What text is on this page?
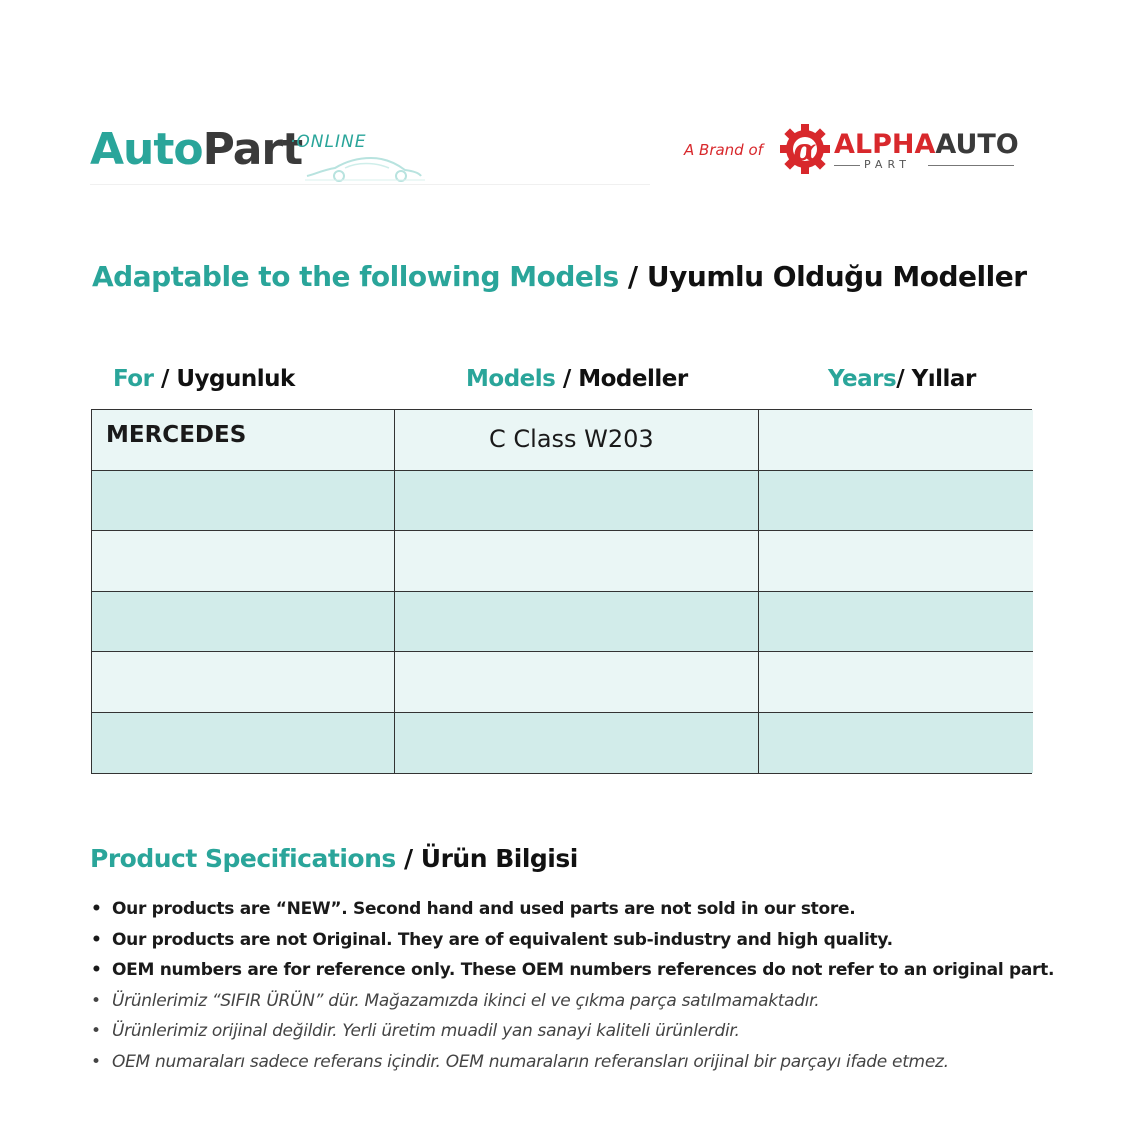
AutoPart
·ONLINE	A Brand of α ALPHAAUTO
PART
Adaptable to the following Models / Uyumlu Olduğu Modeller
For / Uygunluk	Models / Modeller	Years/ Yıllar
MERCEDES	C Class W203
Product Specifications / Ürün Bilgisi
• Our products are “NEW”. Second hand and used parts are not sold in our store.
• Our products are not Original. They are of equivalent sub-industry and high quality.
• OEM numbers are for reference only. These OEM numbers references do not refer to an original part.
• Ürünlerimiz “SIFIR ÜRÜN” dür. Mağazamızda ikinci el ve çıkma parça satılmamaktadır.
• Ürünlerimiz orijinal değildir. Yerli üretim muadil yan sanayi kaliteli ürünlerdir.
• OEM numaraları sadece referans içindir. OEM numaraların referansları orijinal bir parçayı ifade etmez.
